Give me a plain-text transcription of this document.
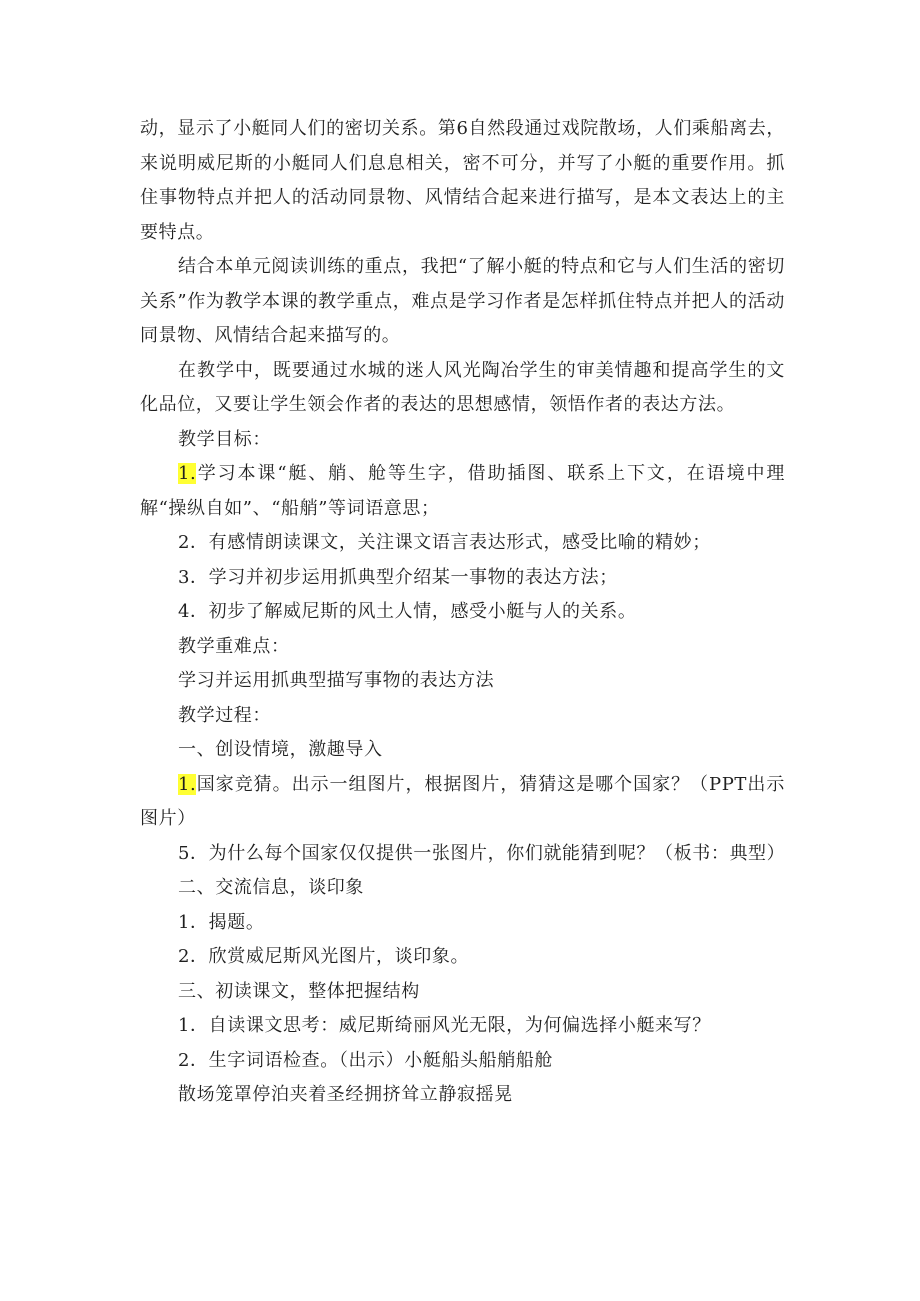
动，显示了小艇同人们的密切关系。第6自然段通过戏院散场，人们乘船离去，来说明威尼斯的小艇同人们息息相关，密不可分，并写了小艇的重要作用。抓住事物特点并把人的活动同景物、风情结合起来进行描写，是本文表达上的主要特点。

结合本单元阅读训练的重点，我把“了解小艇的特点和它与人们生活的密切关系”作为教学本课的教学重点，难点是学习作者是怎样抓住特点并把人的活动同景物、风情结合起来描写的。

在教学中，既要通过水城的迷人风光陶冶学生的审美情趣和提高学生的文化品位，又要让学生领会作者的表达的思想感情，领悟作者的表达方法。

教学目标：

1.学习本课“艇、艄、舱等生字，借助插图、联系上下文，在语境中理解“操纵自如”、“船艄”等词语意思；

2．有感情朗读课文，关注课文语言表达形式，感受比喻的精妙；

3．学习并初步运用抓典型介绍某一事物的表达方法；

4．初步了解威尼斯的风土人情，感受小艇与人的关系。

教学重难点：

学习并运用抓典型描写事物的表达方法

教学过程：

一、创设情境，激趣导入

1.国家竞猜。出示一组图片，根据图片，猜猜这是哪个国家？（PPT出示图片）

5．为什么每个国家仅仅提供一张图片，你们就能猜到呢？（板书：典型）

二、交流信息，谈印象

1．揭题。

2．欣赏威尼斯风光图片，谈印象。

三、初读课文，整体把握结构

1．自读课文思考：威尼斯绮丽风光无限，为何偏选择小艇来写？

2．生字词语检查。（出示）小艇船头船艄船舱

散场笼罩停泊夹着圣经拥挤耸立静寂摇晃
